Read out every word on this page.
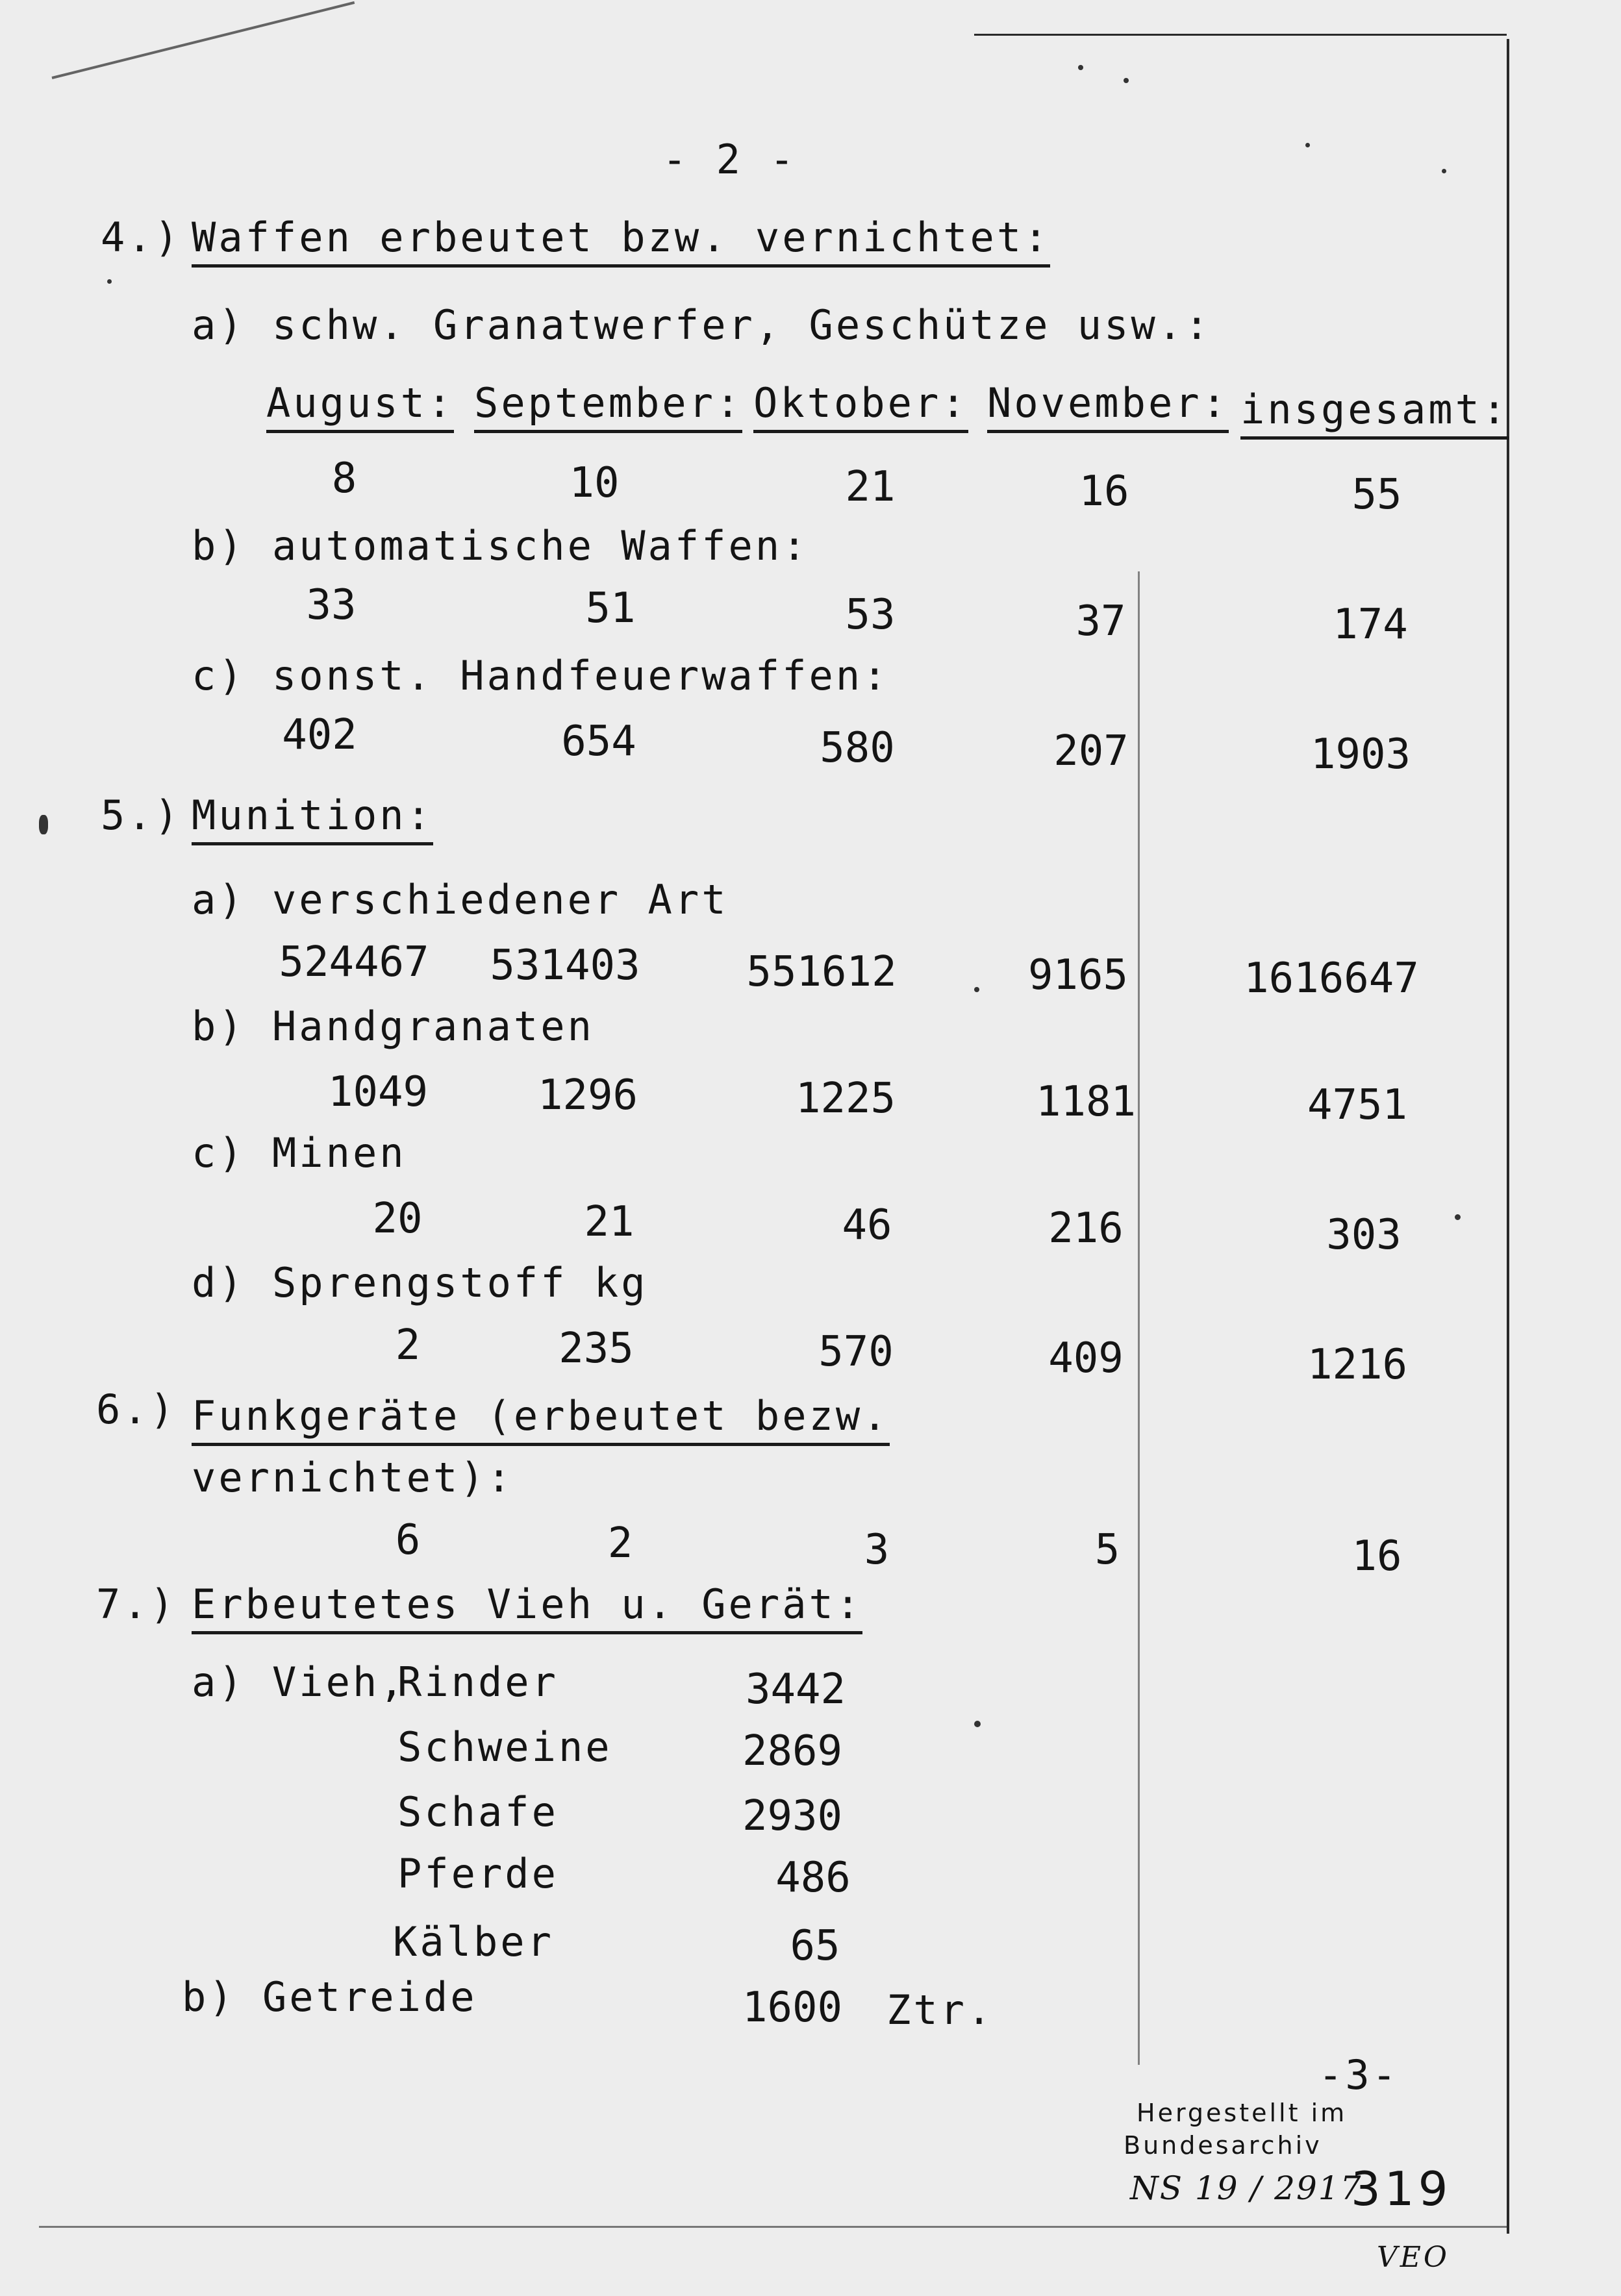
- 2 -
4.) Waffen erbeutet bzw. vernichtet:
a) schw. Granatwerfer, Geschütze usw.:
August: September: Oktober: November: insgesamt:
8	10	21	16	55
b) automatische Waffen:
33	51	53	37	174
c) sonst. Handfeuerwaffen:
402	654	580	207	1903
5.) Munition:
a) verschiedener Art
524467 531403	551612	9165	1616647
b) Handgranaten
1049	1296	1225	1181	4751
c) Minen
20	21	46	216	303
d) Sprengstoff kg
2	235	570	409	1216
6.) Funkgeräte (erbeutet bezw.
vernichtet):
6	2	3	5	16
7.) Erbeutetes Vieh u. Gerät:
a) Vieh,
Rinder	3442
Schweine	2869
Schafe	2930
Pferde	486
Kälber	65
b) Getreide	1600 Ztr.
-3-
Hergestellt im
Bundesarchiv
NS 19 / 2917
319
VEO
